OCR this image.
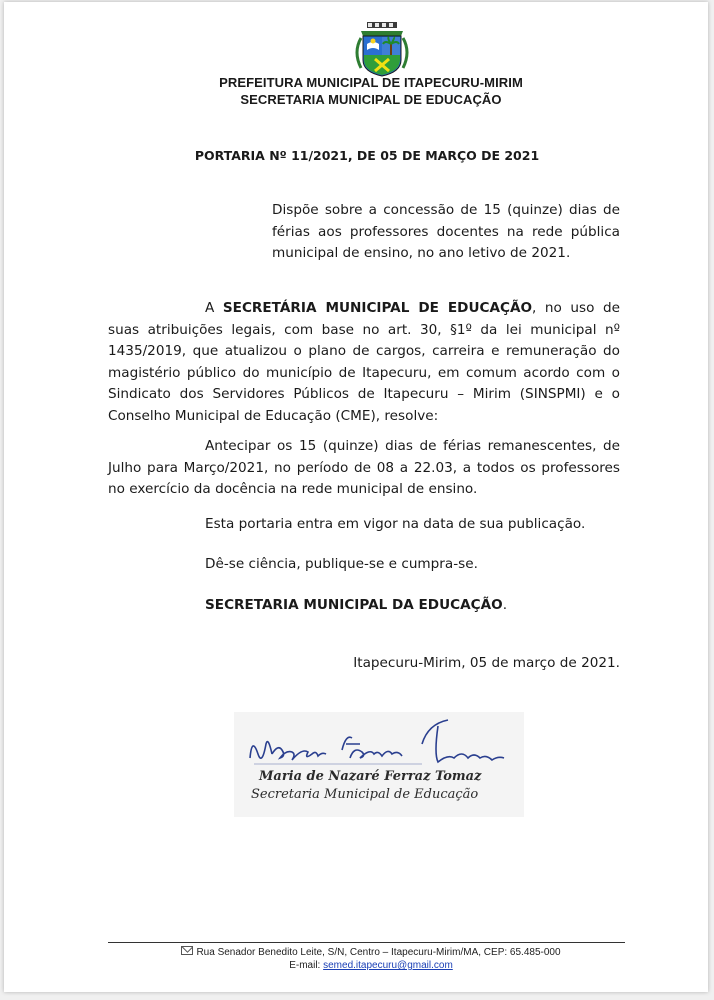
PREFEITURA MUNICIPAL DE ITAPECURU-MIRIM
SECRETARIA MUNICIPAL DE EDUCAÇÃO
PORTARIA Nº 11/2021, DE 05 DE MARÇO DE 2021

Dispõe sobre a concessão de 15 (quinze) dias de férias aos professores docentes na rede pública municipal de ensino, no ano letivo de 2021.

A SECRETÁRIA MUNICIPAL DE EDUCAÇÃO, no uso de suas atribuições legais, com base no art. 30, §1º da lei municipal nº 1435/2019, que atualizou o plano de cargos, carreira e remuneração do magistério público do município de Itapecuru, em comum acordo com o Sindicato dos Servidores Públicos de Itapecuru – Mirim (SINSPMI) e o Conselho Municipal de Educação (CME), resolve:

Antecipar os 15 (quinze) dias de férias remanescentes, de Julho para Março/2021, no período de 08 a 22.03, a todos os professores no exercício da docência na rede municipal de ensino.

Esta portaria entra em vigor na data de sua publicação.
Dê-se ciência, publique-se e cumpra-se.
SECRETARIA MUNICIPAL DA EDUCAÇÃO.
Itapecuru-Mirim, 05 de março de 2021.
Maria de Nazaré Ferraz Tomaz
Secretaria Municipal de Educação
Rua Senador Benedito Leite, S/N, Centro – Itapecuru-Mirim/MA, CEP: 65.485-000
E-mail: semed.itapecuru@gmail.com
